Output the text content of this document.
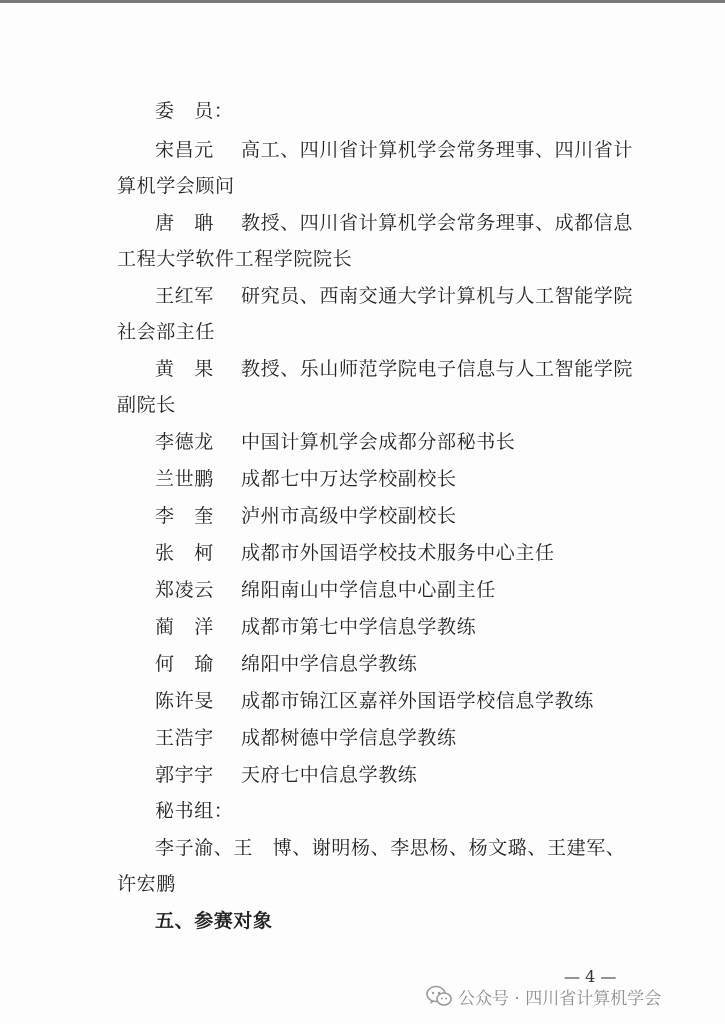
委　员：
宋昌元 高工、四川省计算机学会常务理事、四川省计
算机学会顾问
唐　聃 教授、四川省计算机学会常务理事、成都信息
工程大学软件工程学院院长
王红军 研究员、西南交通大学计算机与人工智能学院
社会部主任
黄　果 教授、乐山师范学院电子信息与人工智能学院
副院长
李德龙 中国计算机学会成都分部秘书长
兰世鹏 成都七中万达学校副校长
李　奎 泸州市高级中学校副校长
张　柯 成都市外国语学校技术服务中心主任
郑凌云 绵阳南山中学信息中心副主任
蔺　洋 成都市第七中学信息学教练
何　瑜 绵阳中学信息学教练
陈许旻 成都市锦江区嘉祥外国语学校信息学教练
王浩宇 成都树德中学信息学教练
郭宇宇 天府七中信息学教练
秘书组：
李子渝、王　博、谢明杨、李思杨、杨文璐、王建军、
许宏鹏
五、参赛对象
— 4 —
公众号 · 四川省计算机学会
